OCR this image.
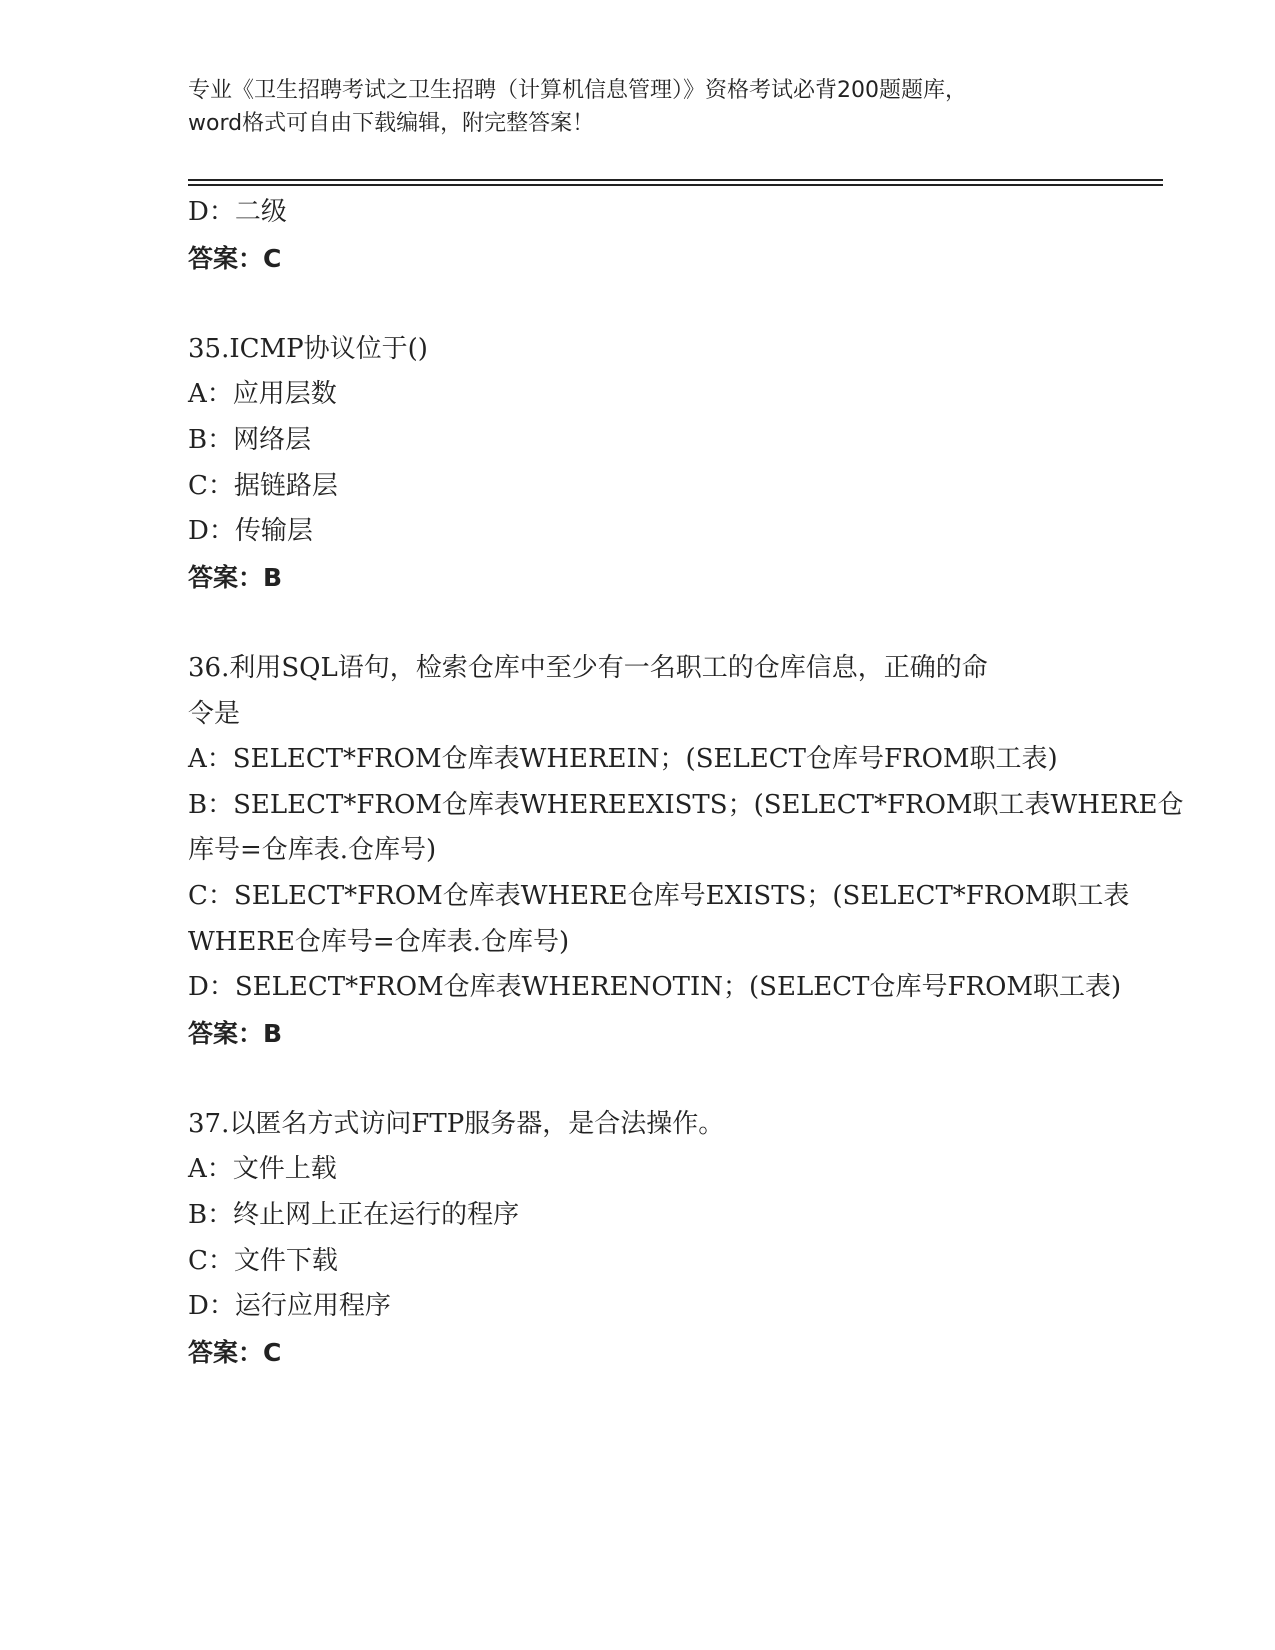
专业《卫生招聘考试之卫生招聘（计算机信息管理）》资格考试必背200题题库，
word格式可自由下载编辑，附完整答案！
D：二级
答案：C
35.ICMP协议位于()
A：应用层数
B：网络层
C：据链路层
D：传输层
答案：B
36.利用SQL语句，检索仓库中至少有一名职工的仓库信息，正确的命
令是
A：SELECT*FROM仓库表WHEREIN；(SELECT仓库号FROM职工表)
B：SELECT*FROM仓库表WHEREEXISTS；(SELECT*FROM职工表WHERE仓
库号=仓库表.仓库号)
C：SELECT*FROM仓库表WHERE仓库号EXISTS；(SELECT*FROM职工表
WHERE仓库号=仓库表.仓库号)
D：SELECT*FROM仓库表WHERENOTIN；(SELECT仓库号FROM职工表)
答案：B
37.以匿名方式访问FTP服务器，是合法操作。
A：文件上载
B：终止网上正在运行的程序
C：文件下载
D：运行应用程序
答案：C
